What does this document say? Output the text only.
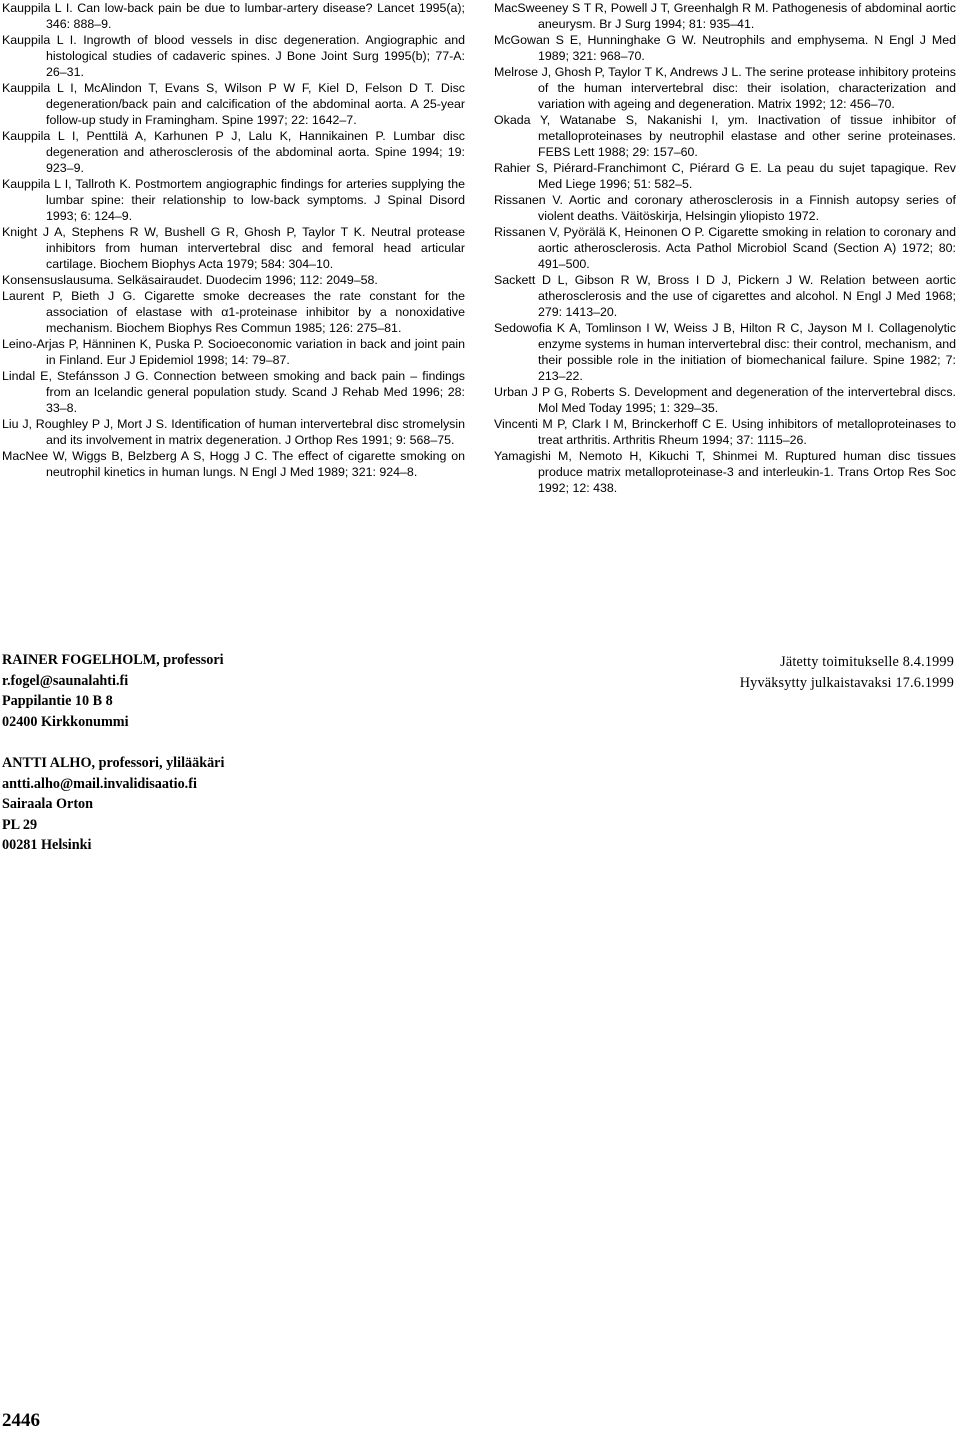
Kauppila L I. Can low-back pain be due to lumbar-artery disease? Lancet 1995(a); 346: 888–9.

Kauppila L I. Ingrowth of blood vessels in disc degeneration. Angiographic and histological studies of cadaveric spines. J Bone Joint Surg 1995(b); 77-A: 26–31.

Kauppila L I, McAlindon T, Evans S, Wilson P W F, Kiel D, Felson D T. Disc degeneration/back pain and calcification of the abdominal aorta. A 25-year follow-up study in Framingham. Spine 1997; 22: 1642–7.

Kauppila L I, Penttilä A, Karhunen P J, Lalu K, Hannikainen P. Lumbar disc degeneration and atherosclerosis of the abdominal aorta. Spine 1994; 19: 923–9.

Kauppila L I, Tallroth K. Postmortem angiographic findings for arteries supplying the lumbar spine: their relationship to low-back symptoms. J Spinal Disord 1993; 6: 124–9.

Knight J A, Stephens R W, Bushell G R, Ghosh P, Taylor T K. Neutral protease inhibitors from human intervertebral disc and femoral head articular cartilage. Biochem Biophys Acta 1979; 584: 304–10.

Konsensuslausuma. Selkäsairaudet. Duodecim 1996; 112: 2049–58.

Laurent P, Bieth J G. Cigarette smoke decreases the rate constant for the association of elastase with α1-proteinase inhibitor by a nonoxidative mechanism. Biochem Biophys Res Commun 1985; 126: 275–81.

Leino-Arjas P, Hänninen K, Puska P. Socioeconomic variation in back and joint pain in Finland. Eur J Epidemiol 1998; 14: 79–87.

Lindal E, Stefánsson J G. Connection between smoking and back pain – findings from an Icelandic general population study. Scand J Rehab Med 1996; 28: 33–8.

Liu J, Roughley P J, Mort J S. Identification of human intervertebral disc stromelysin and its involvement in matrix degeneration. J Orthop Res 1991; 9: 568–75.

MacNee W, Wiggs B, Belzberg A S, Hogg J C. The effect of cigarette smoking on neutrophil kinetics in human lungs. N Engl J Med 1989; 321: 924–8.

MacSweeney S T R, Powell J T, Greenhalgh R M. Pathogenesis of abdominal aortic aneurysm. Br J Surg 1994; 81: 935–41.

McGowan S E, Hunninghake G W. Neutrophils and emphysema. N Engl J Med 1989; 321: 968–70.

Melrose J, Ghosh P, Taylor T K, Andrews J L. The serine protease inhibitory proteins of the human intervertebral disc: their isolation, characterization and variation with ageing and degeneration. Matrix 1992; 12: 456–70.

Okada Y, Watanabe S, Nakanishi I, ym. Inactivation of tissue inhibitor of metalloproteinases by neutrophil elastase and other serine proteinases. FEBS Lett 1988; 29: 157–60.

Rahier S, Piérard-Franchimont C, Piérard G E. La peau du sujet tapagique. Rev Med Liege 1996; 51: 582–5.

Rissanen V. Aortic and coronary atherosclerosis in a Finnish autopsy series of violent deaths. Väitöskirja, Helsingin yliopisto 1972.

Rissanen V, Pyörälä K, Heinonen O P. Cigarette smoking in relation to coronary and aortic atherosclerosis. Acta Pathol Microbiol Scand (Section A) 1972; 80: 491–500.

Sackett D L, Gibson R W, Bross I D J, Pickern J W. Relation between aortic atherosclerosis and the use of cigarettes and alcohol. N Engl J Med 1968; 279: 1413–20.

Sedowofia K A, Tomlinson I W, Weiss J B, Hilton R C, Jayson M I. Collagenolytic enzyme systems in human intervertebral disc: their control, mechanism, and their possible role in the initiation of biomechanical failure. Spine 1982; 7: 213–22.

Urban J P G, Roberts S. Development and degeneration of the intervertebral discs. Mol Med Today 1995; 1: 329–35.

Vincenti M P, Clark I M, Brinckerhoff C E. Using inhibitors of metalloproteinases to treat arthritis. Arthritis Rheum 1994; 37: 1115–26.

Yamagishi M, Nemoto H, Kikuchi T, Shinmei M. Ruptured human disc tissues produce matrix metalloproteinase-3 and interleukin-1. Trans Ortop Res Soc 1992; 12: 438.

RAINER FOGELHOLM, professori
r.fogel@saunalahti.fi
Pappilantie 10 B 8
02400 Kirkkonummi
ANTTI ALHO, professori, ylilääkäri
antti.alho@mail.invalidisaatio.fi
Sairaala Orton
PL 29
00281 Helsinki
Jätetty toimitukselle 8.4.1999
Hyväksytty julkaistavaksi 17.6.1999
2446
